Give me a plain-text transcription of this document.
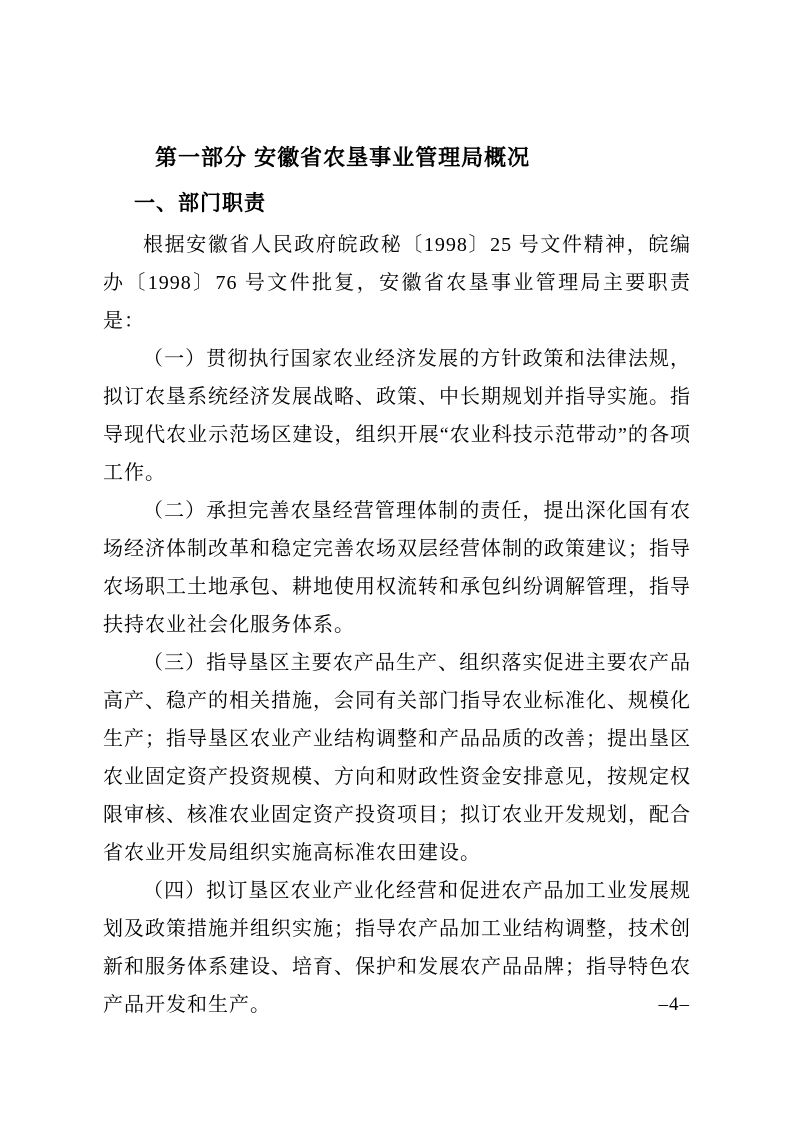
第一部分 安徽省农垦事业管理局概况
一、部门职责

根据安徽省人民政府皖政秘〔1998〕25 号文件精神，皖编办〔1998〕76 号文件批复，安徽省农垦事业管理局主要职责是：

（一）贯彻执行国家农业经济发展的方针政策和法律法规，拟订农垦系统经济发展战略、政策、中长期规划并指导实施。指导现代农业示范场区建设，组织开展“农业科技示范带动”的各项工作。

（二）承担完善农垦经营管理体制的责任，提出深化国有农场经济体制改革和稳定完善农场双层经营体制的政策建议；指导农场职工土地承包、耕地使用权流转和承包纠纷调解管理，指导扶持农业社会化服务体系。

（三）指导垦区主要农产品生产、组织落实促进主要农产品高产、稳产的相关措施，会同有关部门指导农业标准化、规模化生产；指导垦区农业产业结构调整和产品品质的改善；提出垦区农业固定资产投资规模、方向和财政性资金安排意见，按规定权限审核、核准农业固定资产投资项目；拟订农业开发规划，配合省农业开发局组织实施高标准农田建设。

（四）拟订垦区农业产业化经营和促进农产品加工业发展规划及政策措施并组织实施；指导农产品加工业结构调整，技术创新和服务体系建设、培育、保护和发展农产品品牌；指导特色农产品开发和生产。	–4–
